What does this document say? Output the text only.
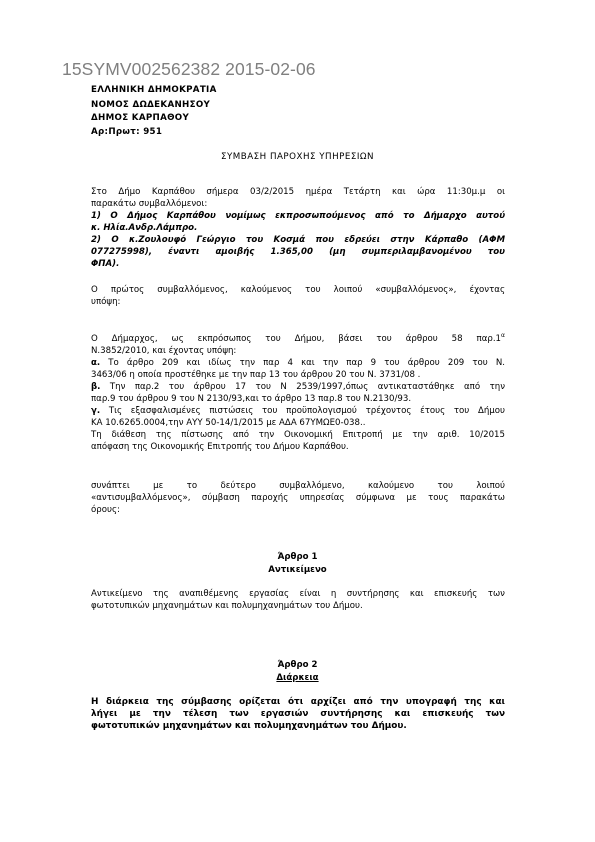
15SYMV002562382 2015-02-06
ΕΛΛΗΝΙΚΗ ΔΗΜΟΚΡΑΤΙΑ
ΝΟΜΟΣ ΔΩΔΕΚΑΝΗΣΟΥ
ΔΗΜΟΣ ΚΑΡΠΑΘΟΥ
Αρ:Πρωτ: 951
ΣΥΜΒΑΣΗ ΠΑΡΟΧΗΣ ΥΠΗΡΕΣΙΩΝ

Στο Δήμο Καρπάθου σήμερα 03/2/2015 ημέρα Τετάρτη και ώρα 11:30μ.μ οι

παρακάτω συμβαλλόμενοι:

1) Ο Δήμος Καρπάθου νομίμως εκπροσωπούμενος από το Δήμαρχο αυτού

κ. Ηλία.Ανδρ.Λάμπρο.

2) Ο κ.Ζουλουφό Γεώργιο του Κοσμά που εδρεύει στην Κάρπαθο (ΑΦΜ

077275998), έναντι αμοιβής 1.365,00 (μη συμπεριλαμβανομένου του

ΦΠΑ).

Ο πρώτος συμβαλλόμενος, καλούμενος του λοιπού «συμβαλλόμενος», έχοντας

υπόψη:

Ο Δήμαρχος, ως εκπρόσωπος του Δήμου, βάσει του άρθρου 58 $\pi\alpha\rho.1^\alpha$

Ν.3852/2010, και έχοντας υπόψη:

α. Το άρθρο 209 και ιδίως την παρ 4 και την παρ 9 του άρθρου 209 του Ν.

3463/06 η οποία προστέθηκε με την παρ 13 του άρθρου 20 του Ν. 3731/08 .

β. Την παρ.2 του άρθρου 17 του Ν 2539/1997,όπως αντικαταστάθηκε από την

παρ.9 του άρθρου 9 του Ν 2130/93,και το άρθρο 13 παρ.8 του Ν.2130/93.

γ. Τις εξασφαλισμένες πιστώσεις του προϋπολογισμού τρέχοντος έτους του Δήμου

ΚΑ 10.6265.0004,την ΑΥΥ 50-14/1/2015 με ΑΔΑ 67ΥΜΩΕ0-038..

Τη διάθεση της πίστωσης από την Οικονομική Επιτροπή με την αριθ. 10/2015

απόφαση της Οικονομικής Επιτροπής του Δήμου Καρπάθου.

συνάπτει με το δεύτερο συμβαλλόμενο, καλούμενο του λοιπού

«αντισυμβαλλόμενος», σύμβαση παροχής υπηρεσίας σύμφωνα με τους παρακάτω

όρους:

Άρθρο 1
Αντικείμενο

Αντικείμενο της αναπιθέμενης εργασίας είναι η συντήρησης και επισκευής των

φωτοτυπικών μηχανημάτων και πολυμηχανημάτων του Δήμου.

Άρθρο 2
Διάρκεια

Η διάρκεια της σύμβασης ορίζεται ότι αρχίζει από την υπογραφή της και

λήγει με την τέλεση των εργασιών συντήρησης και επισκευής των

φωτοτυπικών μηχανημάτων και πολυμηχανημάτων του Δήμου.
